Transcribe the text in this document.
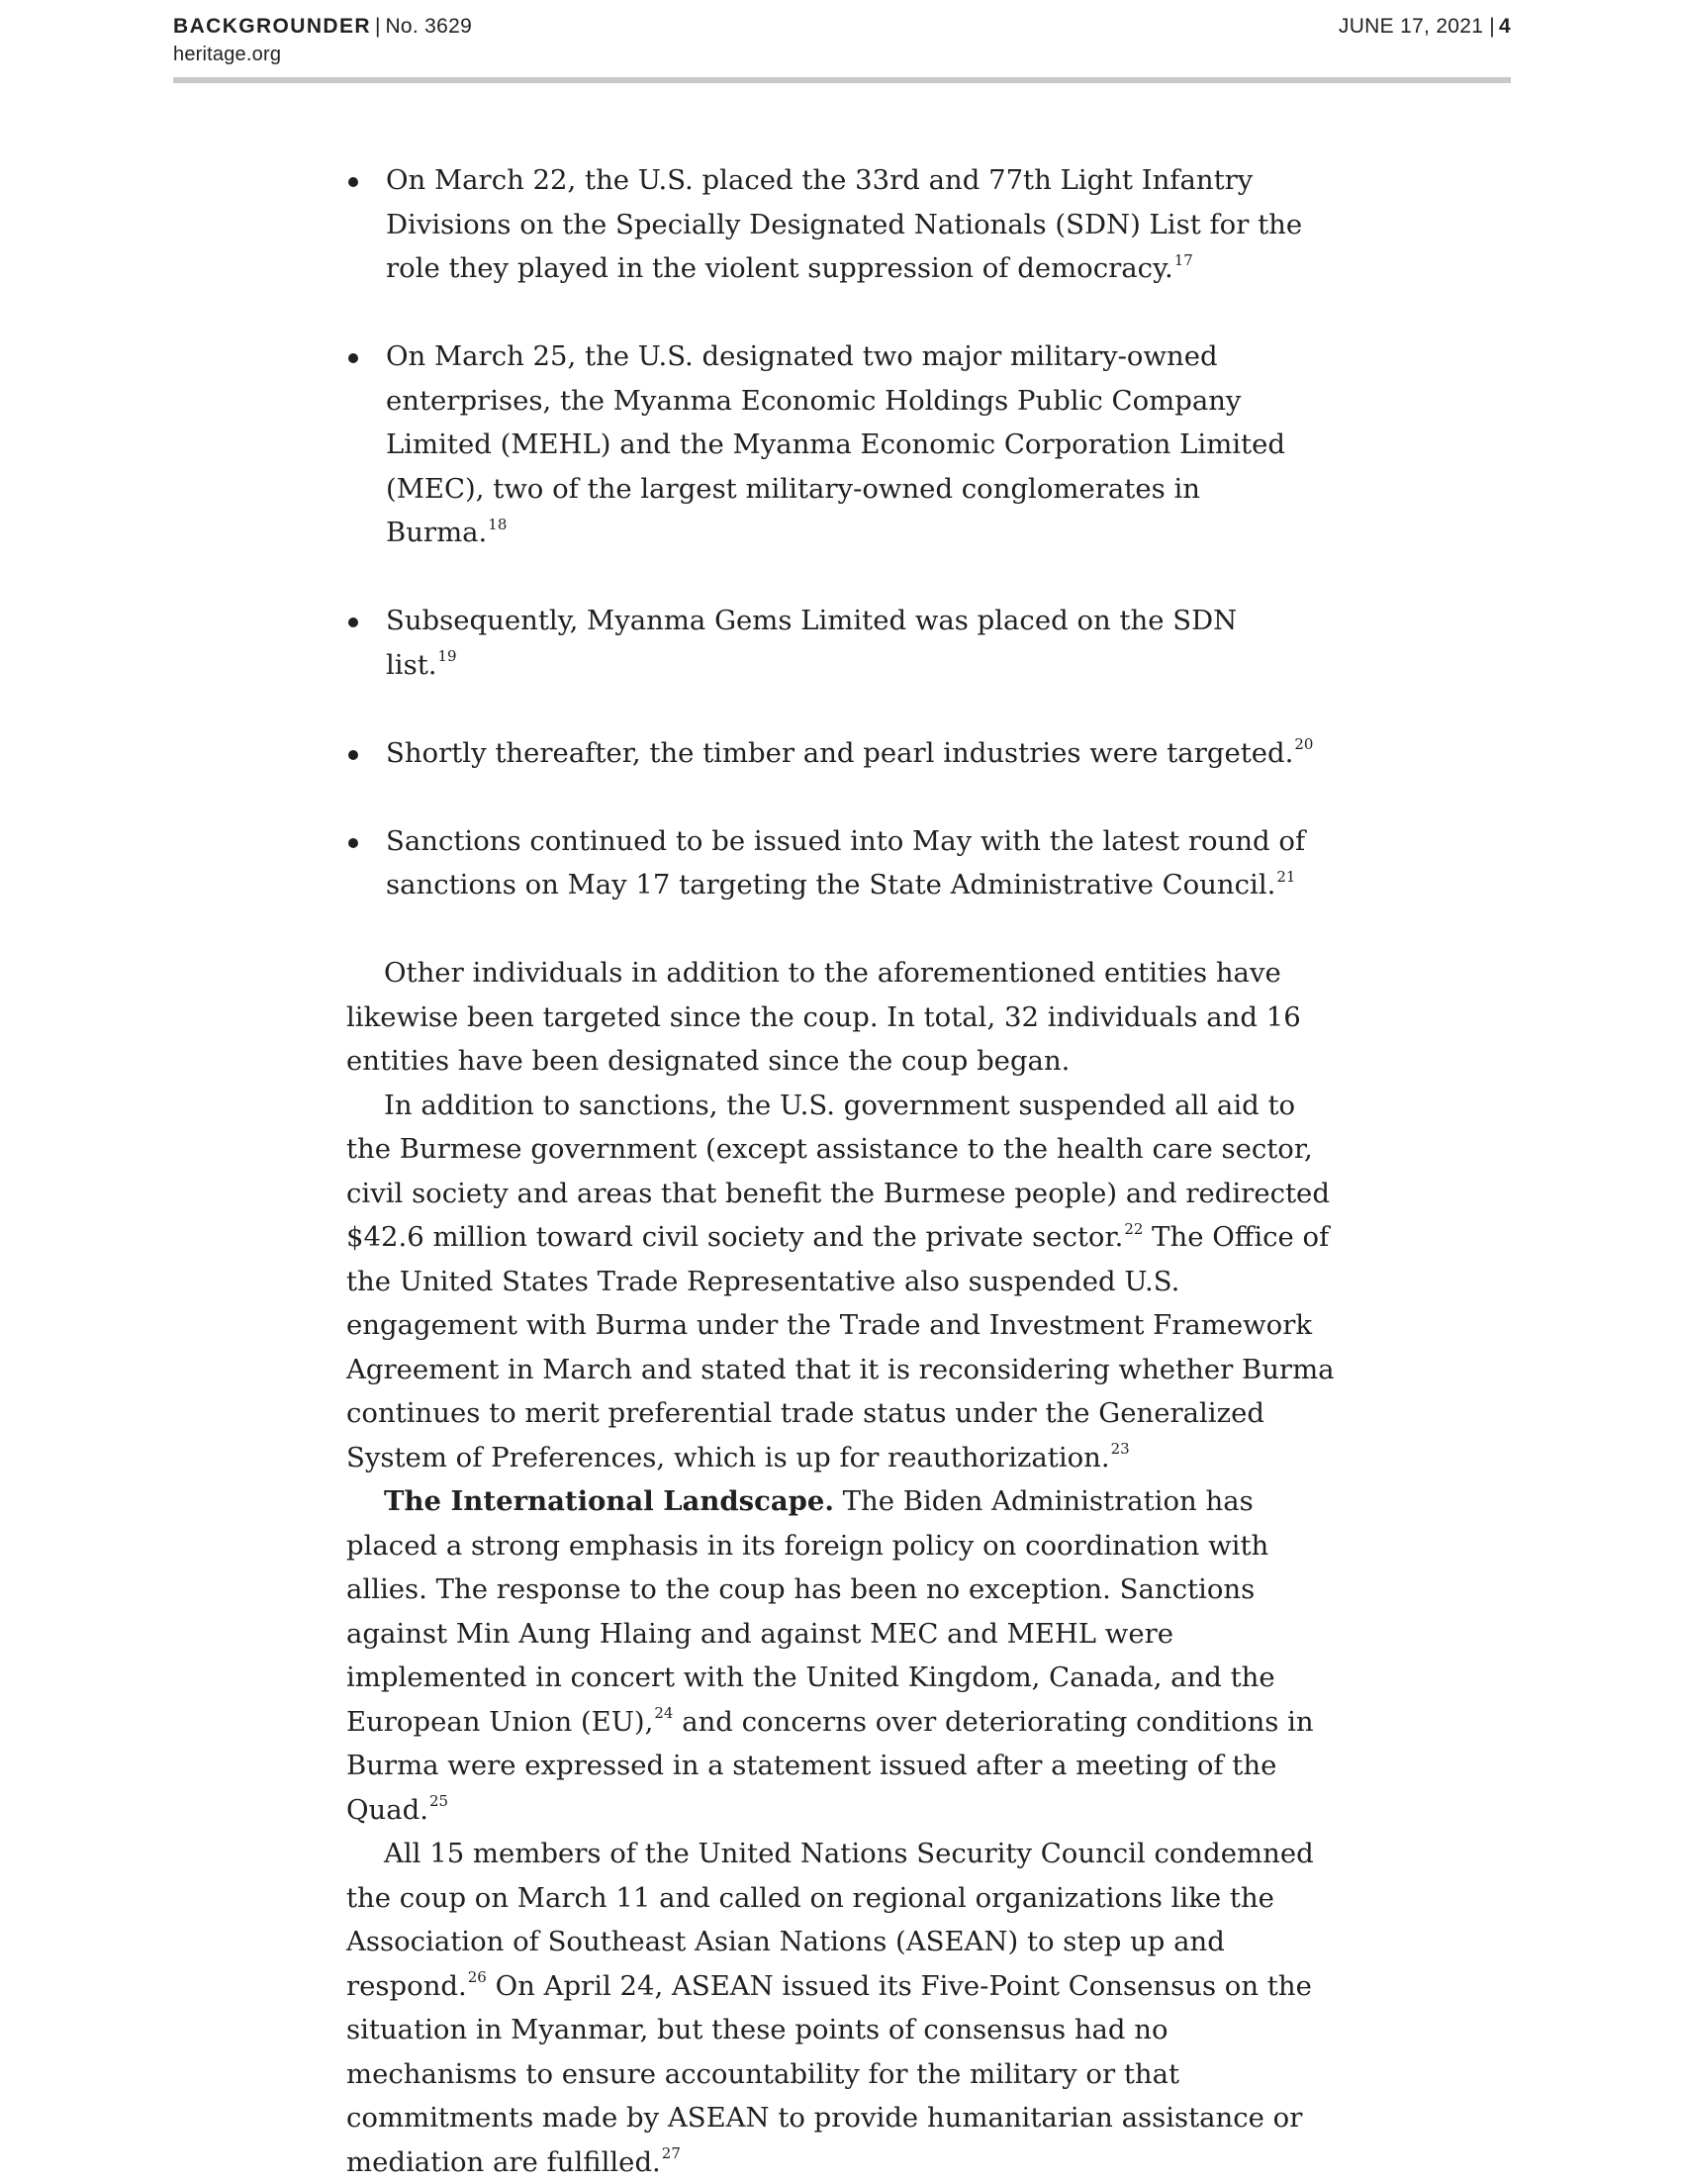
BACKGROUNDER | No. 3629
heritage.org
JUNE 17, 2021 | 4
On March 22, the U.S. placed the 33rd and 77th Light Infantry Divisions on the Specially Designated Nationals (SDN) List for the role they played in the violent suppression of democracy.$^{17}$
On March 25, the U.S. designated two major military-owned enterprises, the Myanma Economic Holdings Public Company Limited (MEHL) and the Myanma Economic Corporation Limited (MEC), two of the largest military-owned conglomerates in Burma.$^{18}$
Subsequently, Myanma Gems Limited was placed on the SDN list.$^{19}$
Shortly thereafter, the timber and pearl industries were targeted.$^{20}$
Sanctions continued to be issued into May with the latest round of sanctions on May 17 targeting the State Administrative Council.$^{21}$

Other individuals in addition to the aforementioned entities have likewise been targeted since the coup. In total, 32 individuals and 16 entities have been designated since the coup began.

In addition to sanctions, the U.S. government suspended all aid to the Burmese government (except assistance to the health care sector, civil society and areas that benefit the Burmese people) and redirected $42.6 million toward civil society and the private sector.$^{22}$ The Office of the United States Trade Representative also suspended U.S. engagement with Burma under the Trade and Investment Framework Agreement in March and stated that it is reconsidering whether Burma continues to merit preferential trade status under the Generalized System of Preferences, which is up for reauthorization.$^{23}$

The International Landscape. The Biden Administration has placed a strong emphasis in its foreign policy on coordination with allies. The response to the coup has been no exception. Sanctions against Min Aung Hlaing and against MEC and MEHL were implemented in concert with the United Kingdom, Canada, and the European Union (EU),$^{24}$ and concerns over deteriorating conditions in Burma were expressed in a statement issued after a meeting of the Quad.$^{25}$

All 15 members of the United Nations Security Council condemned the coup on March 11 and called on regional organizations like the Association of Southeast Asian Nations (ASEAN) to step up and respond.$^{26}$ On April 24, ASEAN issued its Five-Point Consensus on the situation in Myanmar, but these points of consensus had no mechanisms to ensure accountability for the military or that commitments made by ASEAN to provide humanitarian assistance or mediation are fulfilled.$^{27}$
